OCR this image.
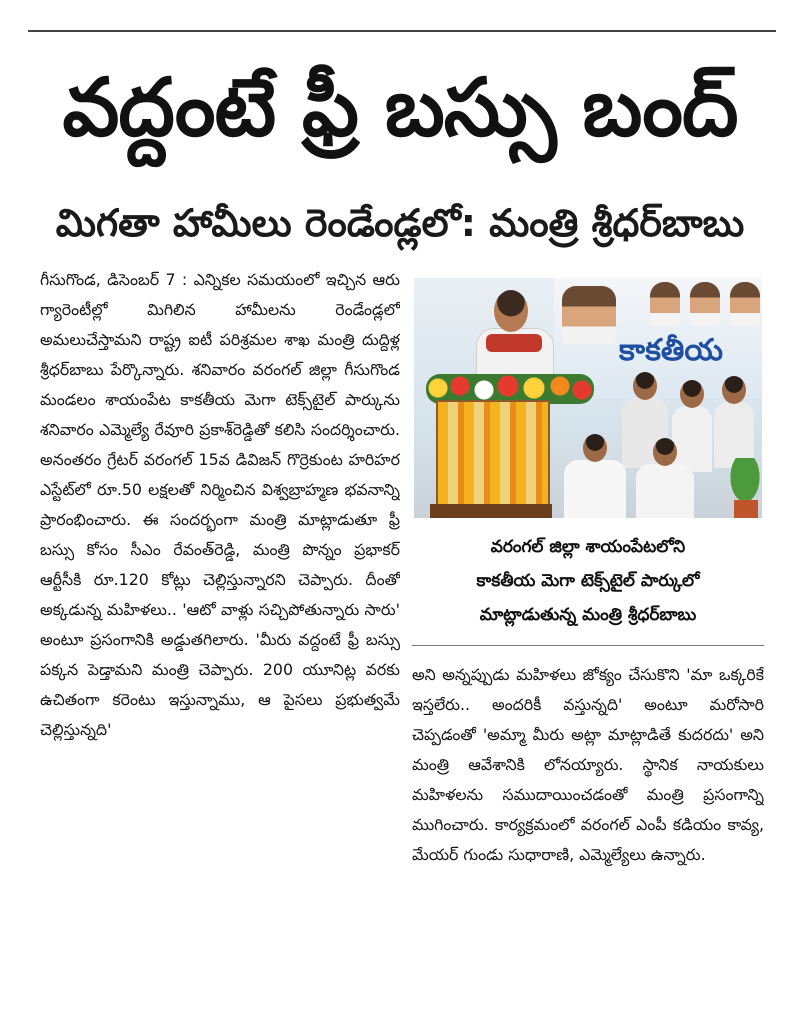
వద్దంటే ఫ్రీ బస్సు బంద్
మిగతా హామీలు రెండేండ్లలో: మంత్రి శ్రీధర్‌బాబు

గీసుగొండ, డిసెంబర్ 7 : ఎన్నికల సమయంలో ఇచ్చిన ఆరు గ్యారెంటీల్లో మిగిలిన హామీలను రెండేండ్లలో అమలుచేస్తామని రాష్ట్ర ఐటీ పరిశ్రమల శాఖ మంత్రి దుద్దిళ్ల శ్రీధర్‌బాబు పేర్కొన్నారు. శనివారం వరంగల్ జిల్లా గీసుగొండ మండలం శాయంపేట కాకతీయ మెగా టెక్స్‌టైల్ పార్కును శనివారం ఎమ్మెల్యే రేవూరి ప్రకాశ్‌రెడ్డితో కలిసి సందర్శించారు. అనంతరం గ్రేటర్ వరంగల్ 15వ డివిజన్ గొర్రెకుంట హరిహర ఎస్టేట్‌లో రూ.50 లక్షలతో నిర్మించిన విశ్వబ్రాహ్మణ భవనాన్ని ప్రారంభించారు. ఈ సందర్భంగా మంత్రి మాట్లాడుతూ ఫ్రీ బస్సు కోసం సీఎం రేవంత్‌రెడ్డి, మంత్రి పొన్నం ప్రభాకర్ ఆర్టీసీకి రూ.120 కోట్లు చెల్లిస్తున్నారని చెప్పారు. దీంతో అక్కడున్న మహిళలు.. 'ఆటో వాళ్లు సచ్చిపోతున్నారు సారు' అంటూ ప్రసంగానికి అడ్డుతగిలారు. 'మీరు వద్దంటే ఫ్రీ బస్సు పక్కన పెడ్తామని మంత్రి చెప్పారు. 200 యూనిట్ల వరకు ఉచితంగా కరెంటు ఇస్తున్నాము, ఆ పైసలు ప్రభుత్వమే చెల్లిస్తున్నది'

కాకతీయ
వరంగల్ జిల్లా శాయంపేటలోని
కాకతీయ మెగా టెక్స్‌టైల్ పార్కులో
మాట్లాడుతున్న మంత్రి శ్రీధర్‌బాబు

అని అన్నప్పుడు మహిళలు జోక్యం చేసుకొని 'మా ఒక్కరికే ఇస్తలేరు.. అందరికీ వస్తున్నది' అంటూ మరోసారి చెప్పడంతో 'అమ్మా మీరు అట్లా మాట్లాడితే కుదరదు' అని మంత్రి ఆవేశానికి లోనయ్యారు. స్థానిక నాయకులు మహిళలను సముదాయించడంతో మంత్రి ప్రసంగాన్ని ముగించారు. కార్యక్రమంలో వరంగల్ ఎంపీ కడియం కావ్య, మేయర్ గుండు సుధారాణి, ఎమ్మెల్యేలు ఉన్నారు.
